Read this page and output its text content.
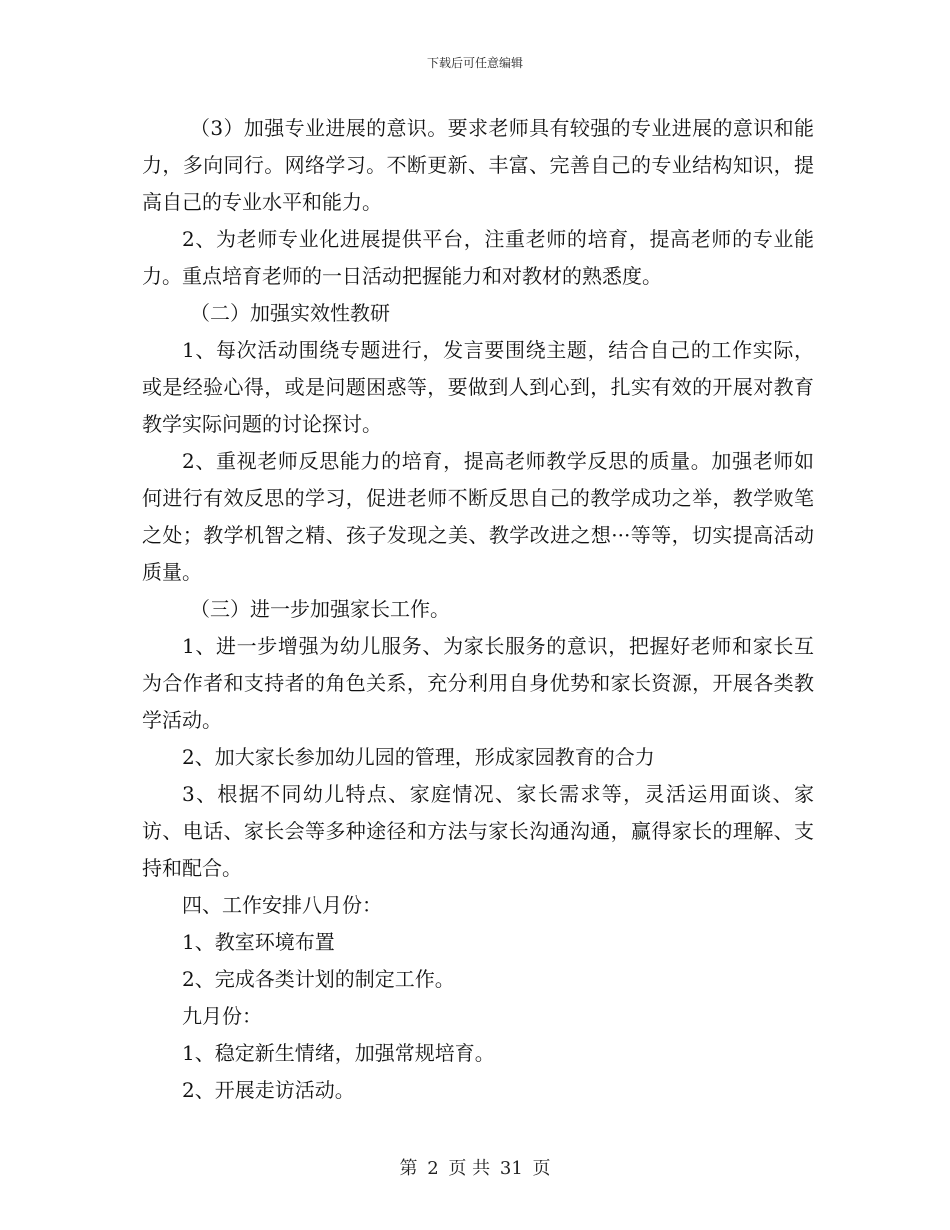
下载后可任意编辑

（3）加强专业进展的意识。要求老师具有较强的专业进展的意识和能力，多向同行。网络学习。不断更新、丰富、完善自己的专业结构知识，提高自己的专业水平和能力。

2、为老师专业化进展提供平台，注重老师的培育，提高老师的专业能力。重点培育老师的一日活动把握能力和对教材的熟悉度。

（二）加强实效性教研

1、每次活动围绕专题进行，发言要围绕主题，结合自己的工作实际，或是经验心得，或是问题困惑等，要做到人到心到，扎实有效的开展对教育教学实际问题的讨论探讨。

2、重视老师反思能力的培育，提高老师教学反思的质量。加强老师如何进行有效反思的学习，促进老师不断反思自己的教学成功之举，教学败笔之处；教学机智之精、孩子发现之美、教学改进之想···等等，切实提高活动质量。

（三）进一步加强家长工作。

1、进一步增强为幼儿服务、为家长服务的意识，把握好老师和家长互为合作者和支持者的角色关系，充分利用自身优势和家长资源，开展各类教学活动。

2、加大家长参加幼儿园的管理，形成家园教育的合力

3、根据不同幼儿特点、家庭情况、家长需求等，灵活运用面谈、家访、电话、家长会等多种途径和方法与家长沟通沟通，赢得家长的理解、支持和配合。

四、工作安排八月份：

1、教室环境布置

2、完成各类计划的制定工作。

九月份：

1、稳定新生情绪，加强常规培育。

2、开展走访活动。

第 2 页 共 31 页
